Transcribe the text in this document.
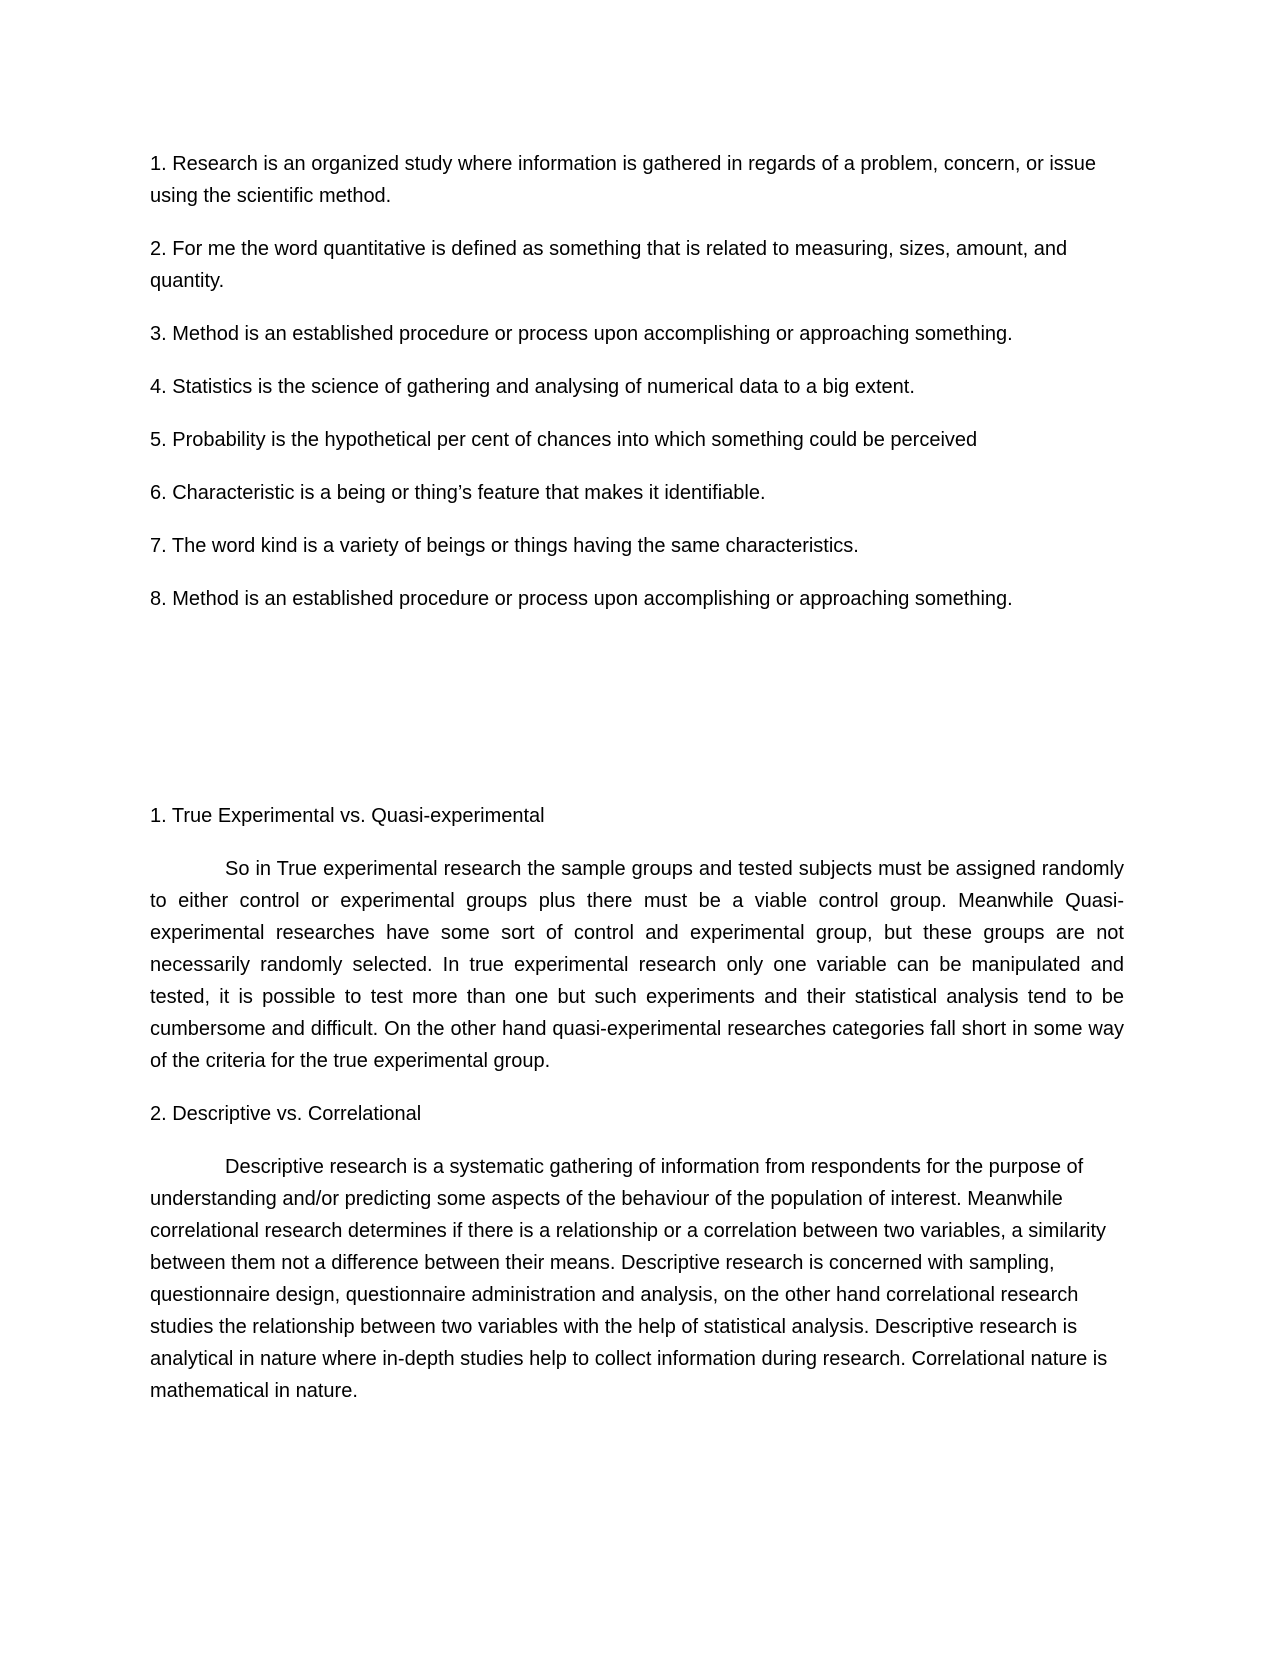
1. Research is an organized study where information is gathered in regards of a problem, concern, or issue using the scientific method.

2. For me the word quantitative is defined as something that is related to measuring, sizes, amount, and quantity.

3. Method is an established procedure or process upon accomplishing or approaching something.

4. Statistics is the science of gathering and analysing of numerical data to a big extent.

5. Probability is the hypothetical per cent of chances into which something could be perceived

6. Characteristic is a being or thing’s feature that makes it identifiable.

7. The word kind is a variety of beings or things having the same characteristics.

8. Method is an established procedure or process upon accomplishing or approaching something.

1. True Experimental vs. Quasi-experimental

So in True experimental research the sample groups and tested subjects must be assigned randomly to either control or experimental groups plus there must be a viable control group. Meanwhile Quasi-experimental researches have some sort of control and experimental group, but these groups are not necessarily randomly selected. In true experimental research only one variable can be manipulated and tested, it is possible to test more than one but such experiments and their statistical analysis tend to be cumbersome and difficult. On the other hand quasi-experimental researches categories fall short in some way of the criteria for the true experimental group.

2. Descriptive vs. Correlational

Descriptive research is a systematic gathering of information from respondents for the purpose of understanding and/or predicting some aspects of the behaviour of the population of interest. Meanwhile correlational research determines if there is a relationship or a correlation between two variables, a similarity between them not a difference between their means. Descriptive research is concerned with sampling, questionnaire design, questionnaire administration and analysis, on the other hand correlational research studies the relationship between two variables with the help of statistical analysis. Descriptive research is analytical in nature where in-depth studies help to collect information during research. Correlational nature is mathematical in nature.
